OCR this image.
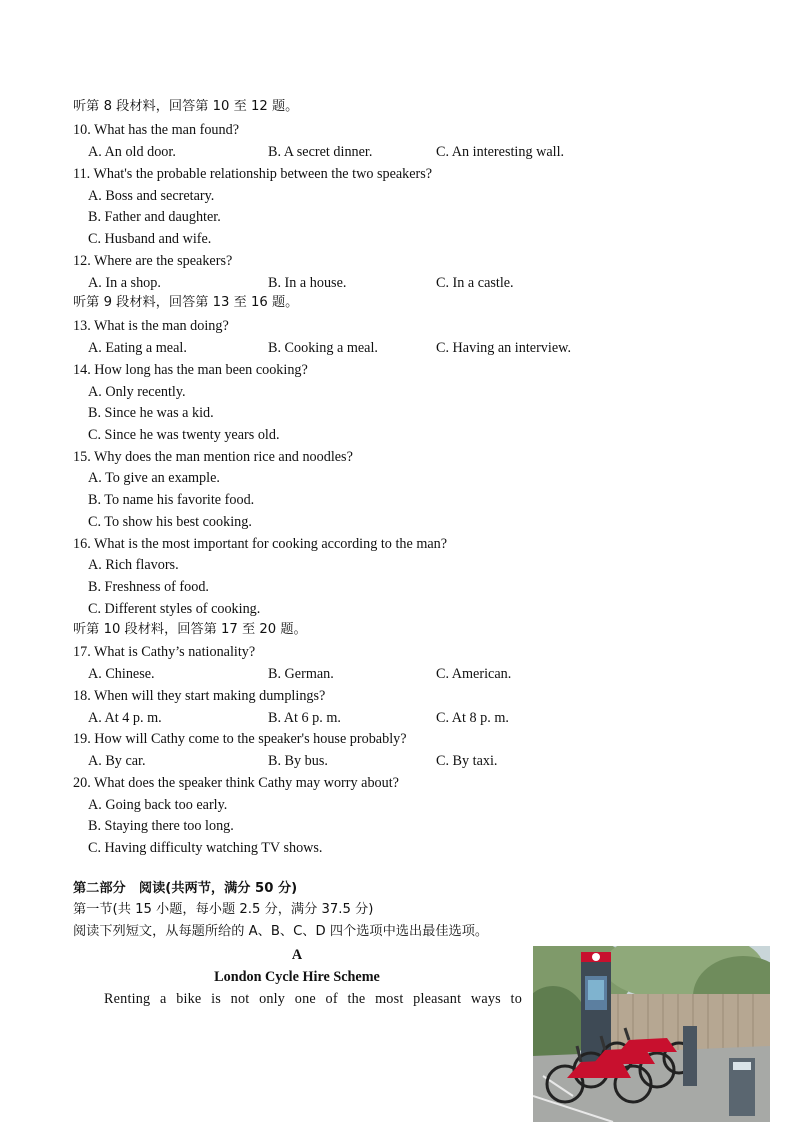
听第 8 段材料，回答第 10 至 12 题。
10. What has the man found?
A. An old door.	B. A secret dinner.	C. An interesting wall.
11. What's the probable relationship between the two speakers?
A. Boss and secretary.
B. Father and daughter.
C. Husband and wife.
12. Where are the speakers?
A. In a shop.	B. In a house.	C. In a castle.
听第 9 段材料，回答第 13 至 16 题。
13. What is the man doing?
A. Eating a meal.	B. Cooking a meal.	C. Having an interview.
14. How long has the man been cooking?
A. Only recently.
B. Since he was a kid.
C. Since he was twenty years old.
15. Why does the man mention rice and noodles?
A. To give an example.
B. To name his favorite food.
C. To show his best cooking.
16. What is the most important for cooking according to the man?
A. Rich flavors.
B. Freshness of food.
C. Different styles of cooking.
听第 10 段材料，回答第 17 至 20 题。
17. What is Cathy’s nationality?
A. Chinese.	B. German.	C. American.
18. When will they start making dumplings?
A. At 4 p. m.	B. At 6 p. m.	C. At 8 p. m.
19. How will Cathy come to the speaker's house probably?
A. By car.	B. By bus.	C. By taxi.
20. What does the speaker think Cathy may worry about?
A. Going back too early.
B. Staying there too long.
C. Having difficulty watching TV shows.
第二部分　阅读(共两节，满分 50 分)
第一节(共 15 小题，每小题 2.5 分，满分 37.5 分)
阅读下列短文，从每题所给的 A、B、C、D 四个选项中选出最佳选项。
A
London Cycle Hire Scheme
Renting a bike is not only one of the most pleasant ways to
